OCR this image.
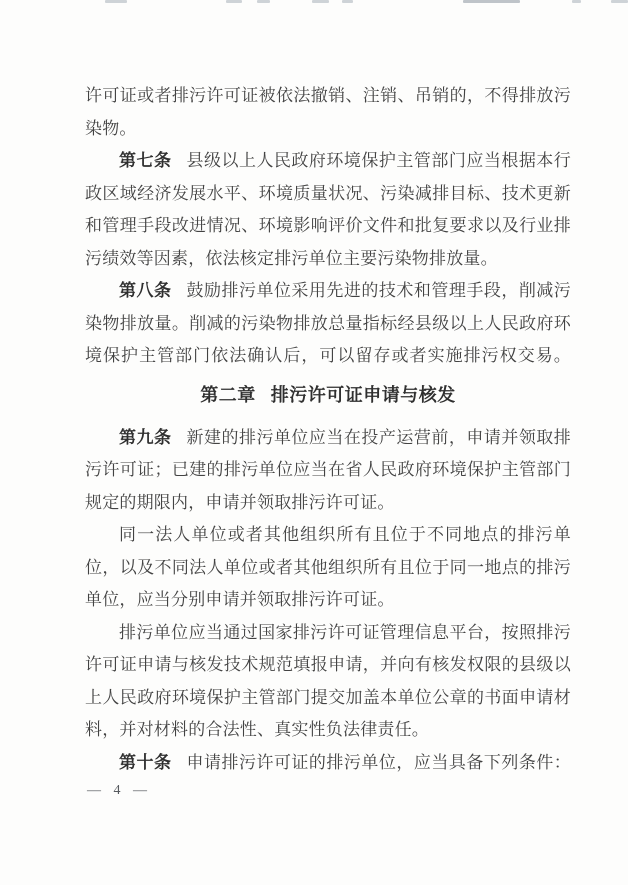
许可证或者排污许可证被依法撤销、注销、吊销的，不得排放污

染物。

第七条 县级以上人民政府环境保护主管部门应当根据本行

政区域经济发展水平、环境质量状况、污染减排目标、技术更新

和管理手段改进情况、环境影响评价文件和批复要求以及行业排

污绩效等因素，依法核定排污单位主要污染物排放量。

第八条 鼓励排污单位采用先进的技术和管理手段，削减污

染物排放量。削减的污染物排放总量指标经县级以上人民政府环

境保护主管部门依法确认后，可以留存或者实施排污权交易。

第二章 排污许可证申请与核发

第九条 新建的排污单位应当在投产运营前，申请并领取排

污许可证；已建的排污单位应当在省人民政府环境保护主管部门

规定的期限内，申请并领取排污许可证。

同一法人单位或者其他组织所有且位于不同地点的排污单

位，以及不同法人单位或者其他组织所有且位于同一地点的排污

单位，应当分别申请并领取排污许可证。

排污单位应当通过国家排污许可证管理信息平台，按照排污

许可证申请与核发技术规范填报申请，并向有核发权限的县级以

上人民政府环境保护主管部门提交加盖本单位公章的书面申请材

料，并对材料的合法性、真实性负法律责任。

第十条 申请排污许可证的排污单位，应当具备下列条件：

— 4 —
